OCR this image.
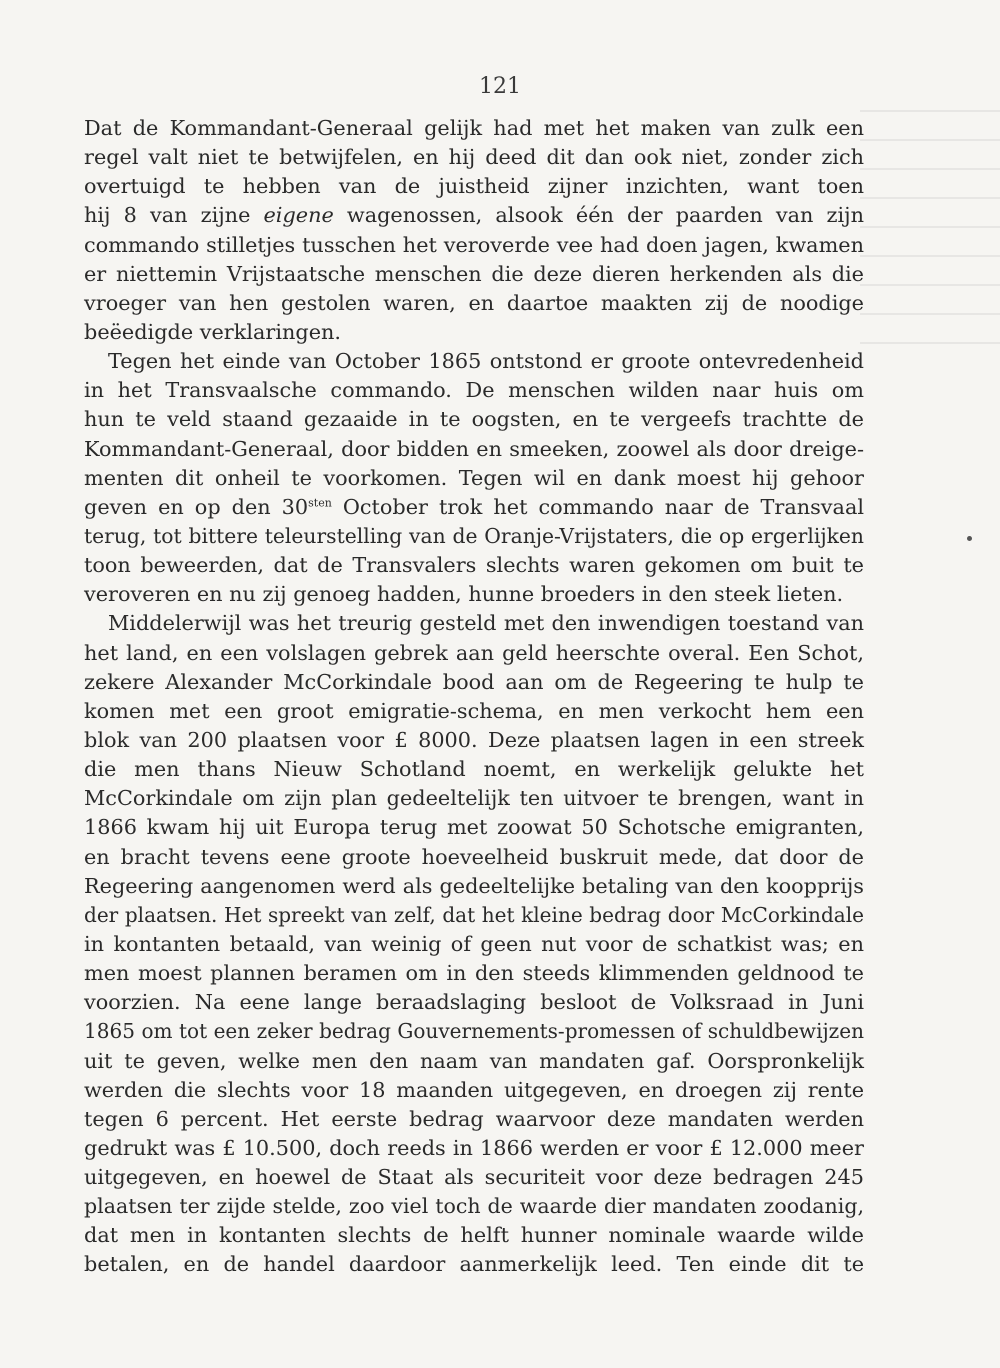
121
Dat de Kommandant-Generaal gelijk had met het maken van zulk een
regel valt niet te betwijfelen, en hij deed dit dan ook niet, zonder zich
overtuigd te hebben van de juistheid zijner inzichten, want toen
hij 8 van zijne eigene wagenossen, alsook één der paarden van zijn
commando stilletjes tusschen het veroverde vee had doen jagen, kwamen
er niettemin Vrijstaatsche menschen die deze dieren herkenden als die
vroeger van hen gestolen waren, en daartoe maakten zij de noodige
beëedigde verklaringen.
Tegen het einde van October 1865 ontstond er groote ontevredenheid
in het Transvaalsche commando. De menschen wilden naar huis om
hun te veld staand gezaaide in te oogsten, en te vergeefs trachtte de
Kommandant-Generaal, door bidden en smeeken, zoowel als door dreige-
menten dit onheil te voorkomen. Tegen wil en dank moest hij gehoor
geven en op den $30^{sten}$ October trok het commando naar de Transvaal
terug, tot bittere teleurstelling van de Oranje-Vrijstaters, die op ergerlijken
toon beweerden, dat de Transvalers slechts waren gekomen om buit te
veroveren en nu zij genoeg hadden, hunne broeders in den steek lieten.
Middelerwijl was het treurig gesteld met den inwendigen toestand van
het land, en een volslagen gebrek aan geld heerschte overal. Een Schot,
zekere Alexander McCorkindale bood aan om de Regeering te hulp te
komen met een groot emigratie-schema, en men verkocht hem een
blok van 200 plaatsen voor £ 8000. Deze plaatsen lagen in een streek
die men thans Nieuw Schotland noemt, en werkelijk gelukte het
McCorkindale om zijn plan gedeeltelijk ten uitvoer te brengen, want in
1866 kwam hij uit Europa terug met zoowat 50 Schotsche emigranten,
en bracht tevens eene groote hoeveelheid buskruit mede, dat door de
Regeering aangenomen werd als gedeeltelijke betaling van den koopprijs
der plaatsen. Het spreekt van zelf, dat het kleine bedrag door McCorkindale
in kontanten betaald, van weinig of geen nut voor de schatkist was; en
men moest plannen beramen om in den steeds klimmenden geldnood te
voorzien. Na eene lange beraadslaging besloot de Volksraad in Juni
1865 om tot een zeker bedrag Gouvernements-promessen of schuldbewijzen
uit te geven, welke men den naam van mandaten gaf. Oorspronkelijk
werden die slechts voor 18 maanden uitgegeven, en droegen zij rente
tegen 6 percent. Het eerste bedrag waarvoor deze mandaten werden
gedrukt was £ 10.500, doch reeds in 1866 werden er voor £ 12.000 meer
uitgegeven, en hoewel de Staat als securiteit voor deze bedragen 245
plaatsen ter zijde stelde, zoo viel toch de waarde dier mandaten zoodanig,
dat men in kontanten slechts de helft hunner nominale waarde wilde
betalen, en de handel daardoor aanmerkelijk leed. Ten einde dit te
